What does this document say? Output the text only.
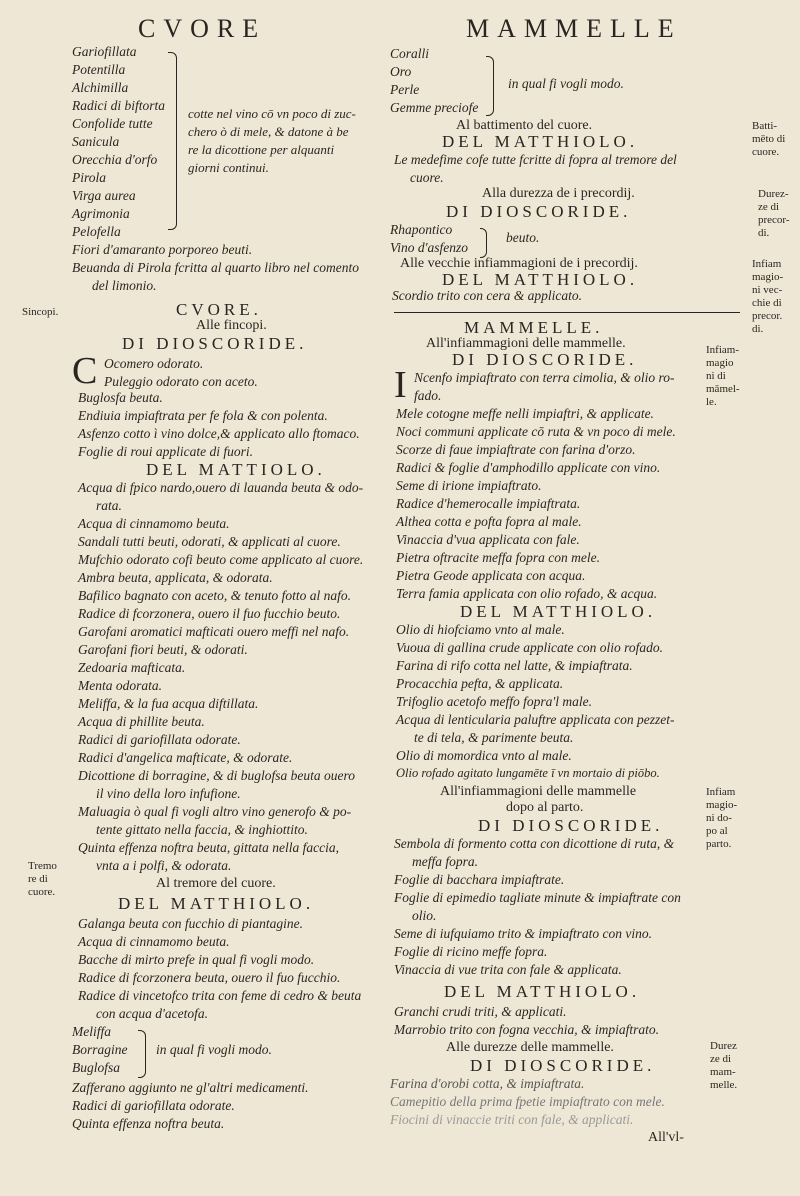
CVORE
Gariofillata
Potentilla
Alchimilla
Radici di biftorta
Confolide tutte
Sanicula
Orecchia d'orfo
Pirola
Virga aurea
Agrimonia
Pelofella
cotte nel vino cō vn poco di zuc-
chero ò di mele, & datone à be
re la dicottione per alquanti
giorni continui.
Fiori d'amaranto porporeo beuti.
Beuanda di Pirola fcritta al quarto libro nel comento
del limonio.
Sincopi.	CVORE.
Alle fincopi.
DI DIOSCORIDE.
C Ocomero odorato.
Puleggio odorato con aceto.
Buglosfa beuta.
Endiuia impiaftrata per fe fola & con polenta.
Asfenzo cotto ì vino dolce,& applicato allo ftomaco.
Foglie di roui applicate di fuori.
DEL MATTIOLO.
Acqua di fpico nardo,ouero di lauanda beuta & odo-
rata.
Acqua di cinnamomo beuta.
Sandali tutti beuti, odorati, & applicati al cuore.
Mufchio odorato cofi beuto come applicato al cuore.
Ambra beuta, applicata, & odorata.
Bafilico bagnato con aceto, & tenuto fotto al nafo.
Radice di fcorzonera, ouero il fuo fucchio beuto.
Garofani aromatici mafticati ouero meffi nel nafo.
Garofani fiori beuti, & odorati.
Zedoaria mafticata.
Menta odorata.
Meliffa, & la fua acqua diftillata.
Acqua di phillite beuta.
Radici di gariofillata odorate.
Radici d'angelica mafticate, & odorate.
Dicottione di borragine, & di buglofsa beuta ouero
il vino della loro infufione.
Maluagia ò qual fi vogli altro vino generofo & po-
tente gittato nella faccia, & inghiottito.
Quinta effenza noftra beuta, gittata nella faccia,
vnta a i polfi, & odorata.
Al tremore del cuore.
Tremo
re di
cuore.
DEL MATTHIOLO.
Galanga beuta con fucchio di piantagine.
Acqua di cinnamomo beuta.
Bacche di mirto prefe in qual fi vogli modo.
Radice di fcorzonera beuta, ouero il fuo fucchio.
Radice di vincetofco trita con feme di cedro & beuta
con acqua d'acetofa.
Meliffa
Borragine
Buglofsa
in qual fi vogli modo.
Zafferano aggiunto ne gl'altri medicamenti.
Radici di gariofillata odorate.
Quinta effenza noftra beuta.
MAMMELLE
Coralli
Oro
Perle
Gemme preciofe
in qual fi vogli modo.
Al battimento del cuore.
DEL MATTHIOLO.
Le medefime cofe tutte fcritte di fopra al tremore del
cuore.
Batti-
mēto di
cuore.
Alla durezza de i precordij.
DI DIOSCORIDE.
Durez-
ze di
precor-
di.
Rhapontico
Vino d'asfenzo
beuto.
Alle vecchie infiammagioni de i precordij.
DEL MATTHIOLO.
Scordio trito con cera & applicato.
Infiam
magio-
ni vec-
chie di
precor.
di.
MAMMELLE.
All'infiammagioni delle mammelle.
DI DIOSCORIDE.	Infiam-
magio
ni di
māmel-
le.
I Ncenfo impiaftrato con terra cimolia, & olio ro-
fado.
Mele cotogne meffe nelli impiaftri, & applicate.
Noci communi applicate cō ruta & vn poco di mele.
Scorze di faue impiaftrate con farina d'orzo.
Radici & foglie d'amphodillo applicate con vino.
Seme di irione impiaftrato.
Radice d'hemerocalle impiaftrata.
Althea cotta e pofta fopra al male.
Vinaccia d'vua applicata con fale.
Pietra oftracite meffa fopra con mele.
Pietra Geode applicata con acqua.
Terra famia applicata con olio rofado, & acqua.
DEL MATTHIOLO.
Olio di hiofciamo vnto al male.
Vuoua di gallina crude applicate con olio rofado.
Farina di rifo cotta nel latte, & impiaftrata.
Procacchia pefta, & applicata.
Trifoglio acetofo meffo fopra'l male.
Acqua di lenticularia paluftre applicata con pezzet-
te di tela, & parimente beuta.
Olio di momordica vnto al male.
Olio rofado agitato lungamēte ī vn mortaio di piōbo.
All'infiammagioni delle mammelle
dopo al parto.
DI DIOSCORIDE.
Infiam
magio-
ni do-
po al
parto.
Sembola di formento cotta con dicottione di ruta, &
meffa fopra.
Foglie di bacchara impiaftrate.
Foglie di epimedio tagliate minute & impiaftrate con
olio.
Seme di iufquiamo trito & impiaftrato con vino.
Foglie di ricino meffe fopra.
Vinaccia di vue trita con fale & applicata.
DEL MATTHIOLO.
Granchi crudi triti, & applicati.
Marrobio trito con fogna vecchia, & impiaftrato.
Alle durezze delle mammelle.
DI DIOSCORIDE.
Durez
ze di
mam-
melle.
Farina d'orobi cotta, & impiaftrata.
Camepitio della prima fpetie impiaftrato con mele.
Fiocini di vinaccie triti con fale, & applicati.
All'vl-
